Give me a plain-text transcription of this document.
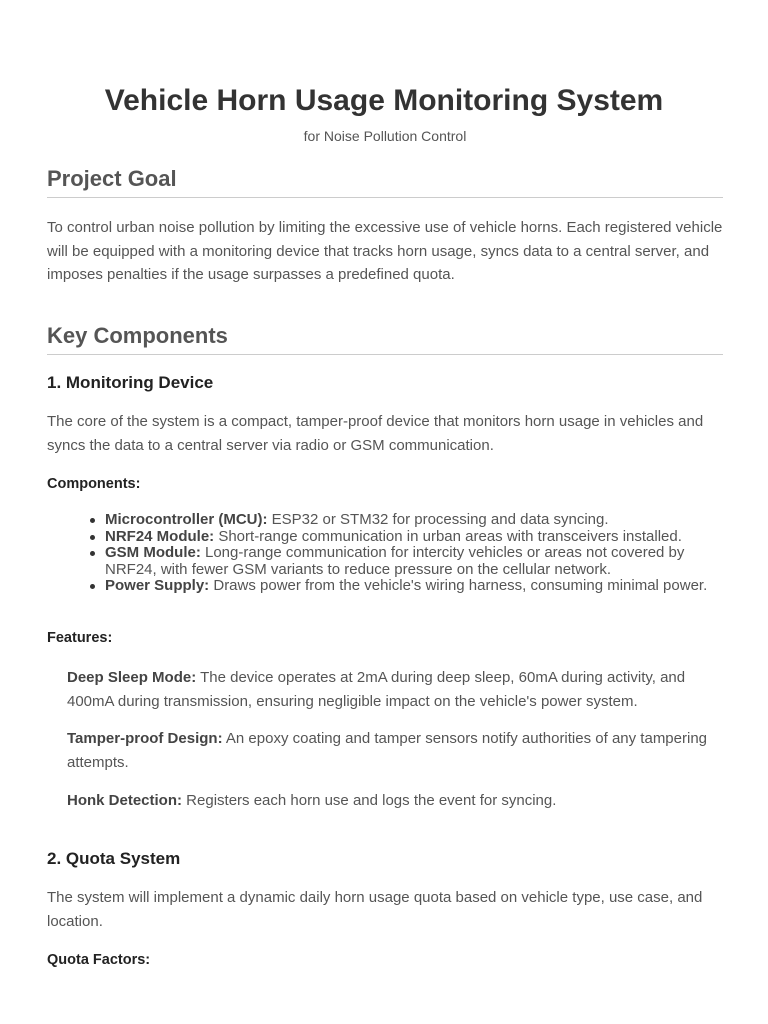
Vehicle Horn Usage Monitoring System
for Noise Pollution Control
Project Goal

To control urban noise pollution by limiting the excessive use of vehicle horns. Each registered vehicle will be equipped with a monitoring device that tracks horn usage, syncs data to a central server, and imposes penalties if the usage surpasses a predefined quota.

Key Components
1. Monitoring Device

The core of the system is a compact, tamper-proof device that monitors horn usage in vehicles and syncs the data to a central server via radio or GSM communication.

Components:
Microcontroller (MCU): ESP32 or STM32 for processing and data syncing.
NRF24 Module: Short-range communication in urban areas with transceivers installed.
GSM Module: Long-range communication for intercity vehicles or areas not covered by NRF24, with fewer GSM variants to reduce pressure on the cellular network.
Power Supply: Draws power from the vehicle's wiring harness, consuming minimal power.
Features:

Deep Sleep Mode: The device operates at 2mA during deep sleep, 60mA during activity, and 400mA during transmission, ensuring negligible impact on the vehicle's power system.

Tamper-proof Design: An epoxy coating and tamper sensors notify authorities of any tampering attempts.

Honk Detection: Registers each horn use and logs the event for syncing.

2. Quota System

The system will implement a dynamic daily horn usage quota based on vehicle type, use case, and location.

Quota Factors:
